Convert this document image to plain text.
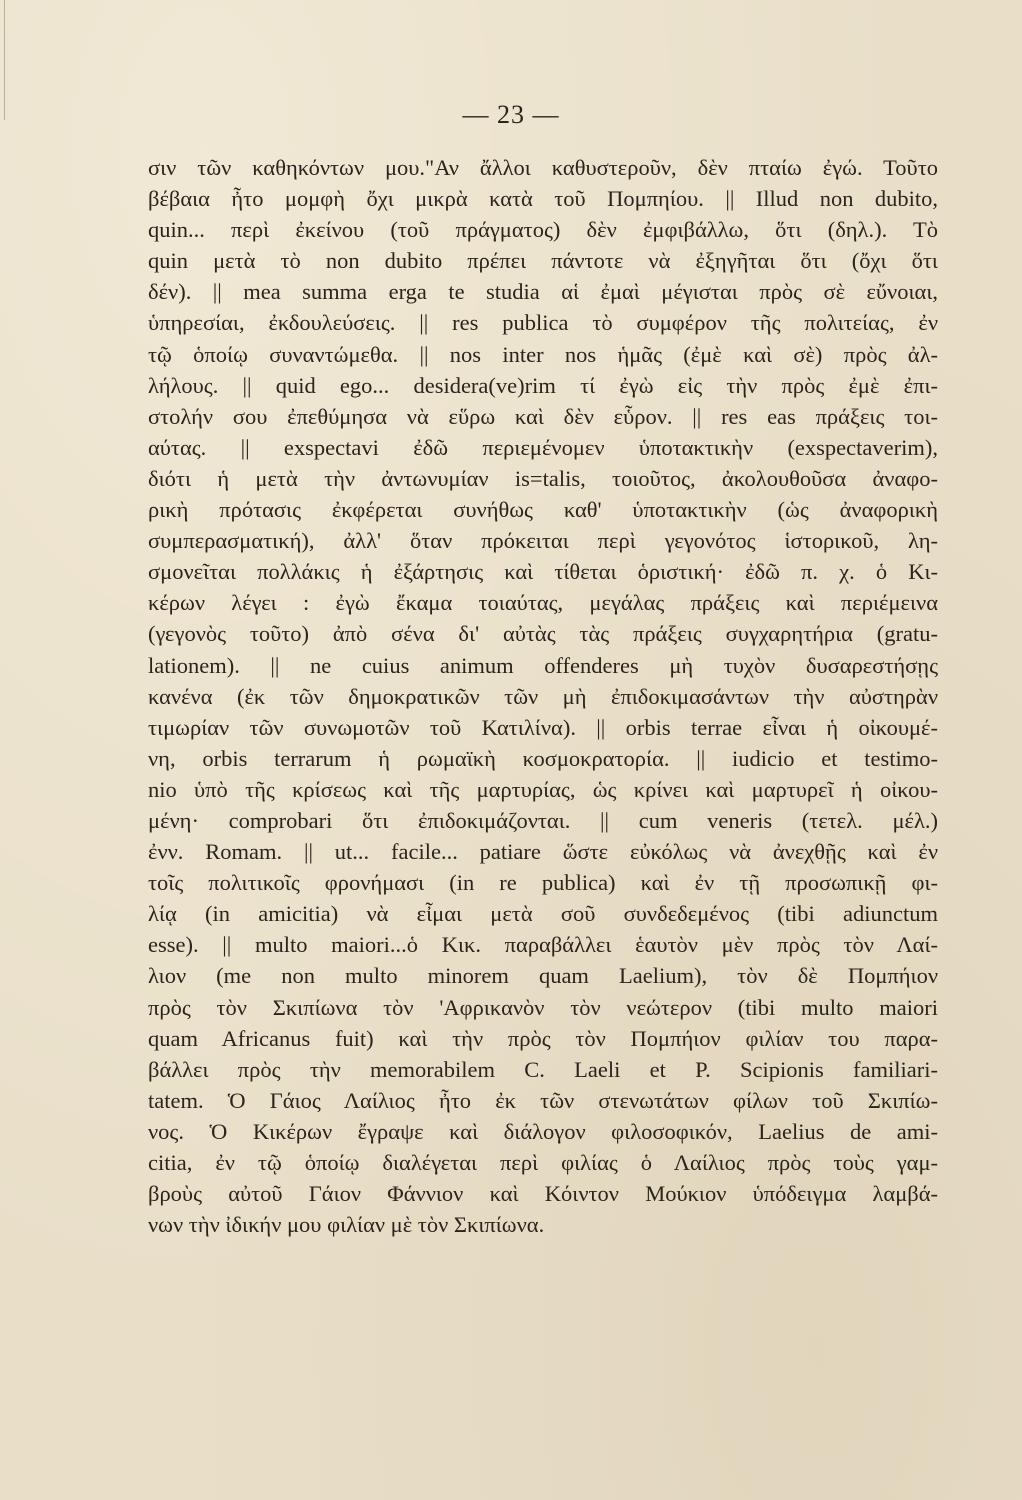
— 23 —
σιν τῶν καθηκόντων μου."Αν ἄλλοι καθυστεροῦν, δὲν πταίω ἐγώ. Τοῦτο
βέβαια ἦτο μομφὴ ὄχι μικρὰ κατὰ τοῦ Πομπηίου. || Illud non dubito,
quin... περὶ ἐκείνου (τοῦ πράγματος) δὲν ἐμφιβάλλω, ὅτι (δηλ.). Τὸ
quin μετὰ τὸ non dubito πρέπει πάντοτε νὰ ἐξηγῆται ὅτι (ὄχι ὅτι
δέν). || mea summa erga te studia αἱ ἐμαὶ μέγισται πρὸς σὲ εὔνοιαι,
ὑπηρεσίαι, ἐκδουλεύσεις. || res publica τὸ συμφέρον τῆς πολιτείας, ἐν
τῷ ὁποίῳ συναντώμεθα. || nos inter nos ἡμᾶς (ἐμὲ καὶ σὲ) πρὸς ἀλ-
λήλους. || quid ego... desidera(ve)rim τί ἐγὼ εἰς τὴν πρὸς ἐμὲ ἐπι-
στολήν σου ἐπεθύμησα νὰ εὕρω καὶ δὲν εὗρον. || res eas πράξεις τοι-
αύτας. || exspectavi ἐδῶ περιεμένομεν ὑποτακτικὴν (exspectaverim),
διότι ἡ μετὰ τὴν ἀντωνυμίαν is=talis, τοιοῦτος, ἀκολουθοῦσα ἀναφο-
ρικὴ πρότασις ἐκφέρεται συνήθως καθ' ὑποτακτικὴν (ὡς ἀναφορικὴ
συμπερασματική), ἀλλ' ὅταν πρόκειται περὶ γεγονότος ἱστορικοῦ, λη-
σμονεῖται πολλάκις ἡ ἐξάρτησις καὶ τίθεται ὁριστική· ἐδῶ π. χ. ὁ Κι-
κέρων λέγει : ἐγὼ ἔκαμα τοιαύτας, μεγάλας πράξεις καὶ περιέμεινα
(γεγονὸς τοῦτο) ἀπὸ σένα δι' αὐτὰς τὰς πράξεις συγχαρητήρια (gratu-
lationem). || ne cuius animum offenderes μὴ τυχὸν δυσαρεστήσῃς
κανένα (ἐκ τῶν δημοκρατικῶν τῶν μὴ ἐπιδοκιμασάντων τὴν αὐστηρὰν
τιμωρίαν τῶν συνωμοτῶν τοῦ Κατιλίνα). || orbis terrae εἶναι ἡ οἰκουμέ-
νη, orbis terrarum ἡ ρωμαϊκὴ κοσμοκρατορία. || iudicio et testimo-
nio ὑπὸ τῆς κρίσεως καὶ τῆς μαρτυρίας, ὡς κρίνει καὶ μαρτυρεῖ ἡ οἰκου-
μένη· comprobari ὅτι ἐπιδοκιμάζονται. || cum veneris (τετελ. μέλ.)
ἐνν. Romam. || ut... facile... patiare ὥστε εὐκόλως νὰ ἀνεχθῇς καὶ ἐν
τοῖς πολιτικοῖς φρονήμασι (in re publica) καὶ ἐν τῇ προσωπικῇ φι-
λίᾳ (in amicitia) νὰ εἶμαι μετὰ σοῦ συνδεδεμένος (tibi adiunctum
esse). || multo maiori...ὁ Κικ. παραβάλλει ἑαυτὸν μὲν πρὸς τὸν Λαί-
λιον (me non multo minorem quam Laelium), τὸν δὲ Πομπήιον
πρὸς τὸν Σκιπίωνα τὸν 'Αφρικανὸν τὸν νεώτερον (tibi multo maiori
quam Africanus fuit) καὶ τὴν πρὸς τὸν Πομπήιον φιλίαν του παρα-
βάλλει πρὸς τὴν memorabilem C. Laeli et P. Scipionis familiari-
tatem. Ὁ Γάιος Λαίλιος ἦτο ἐκ τῶν στενωτάτων φίλων τοῦ Σκιπίω-
νος. Ὁ Κικέρων ἔγραψε καὶ διάλογον φιλοσοφικόν, Laelius de ami-
citia, ἐν τῷ ὁποίῳ διαλέγεται περὶ φιλίας ὁ Λαίλιος πρὸς τοὺς γαμ-
βροὺς αὐτοῦ Γάιον Φάννιον καὶ Κόιντον Μούκιον ὑπόδειγμα λαμβά-
νων τὴν ἰδικήν μου φιλίαν μὲ τὸν Σκιπίωνα.
